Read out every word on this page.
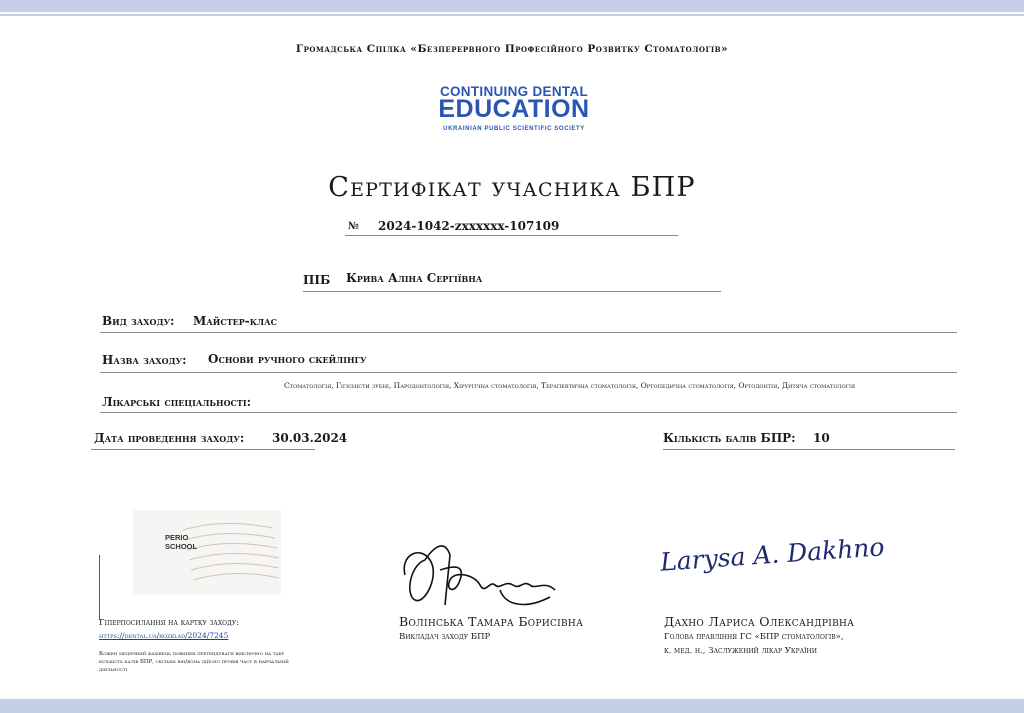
Громадська Спілка «Безперервного Професійного Розвитку Стоматологів»
CONTINUING DENTAL
EDUCATION
UKRAINIAN PUBLIC SCIENTIFIC SOCIETY
Сертифікат учасника БПР
№ 2024-1042-zxxxxxx-107109
ПІБ Крива Аліна Сергіївна
Вид заходу: Майстер-клас
Назва заходу: Основи ручного скейлінгу
Лікарські спеціальності:
Стоматологія, Гігієністи зубні, Пародонтологія, Хірургічна стоматологія, Терапевтична стоматологія, Ортопедична стоматологія, Ортодонтія, Дитяча стоматологія
Дата проведення заходу: 30.03.2024	Кількість балів БПР: 10
PERIO
SCHOOL
Гіперпосилання на картку заходу:
https://dental.ua/rozklad/2024/7245
Кожен медичний фахівець повинен претендувати виключно на таку кількість балів БПР, скільки він/вона дійсно провів часу в навчальній діяльності
Волінська Тамара Борисівна
Викладач заходу БПР
Larysa A. Dakhno
Дахно Лариса Олександрівна
Голова правління ГС «БПР стоматологів»,
к. мед. н., Заслужений лікар України
